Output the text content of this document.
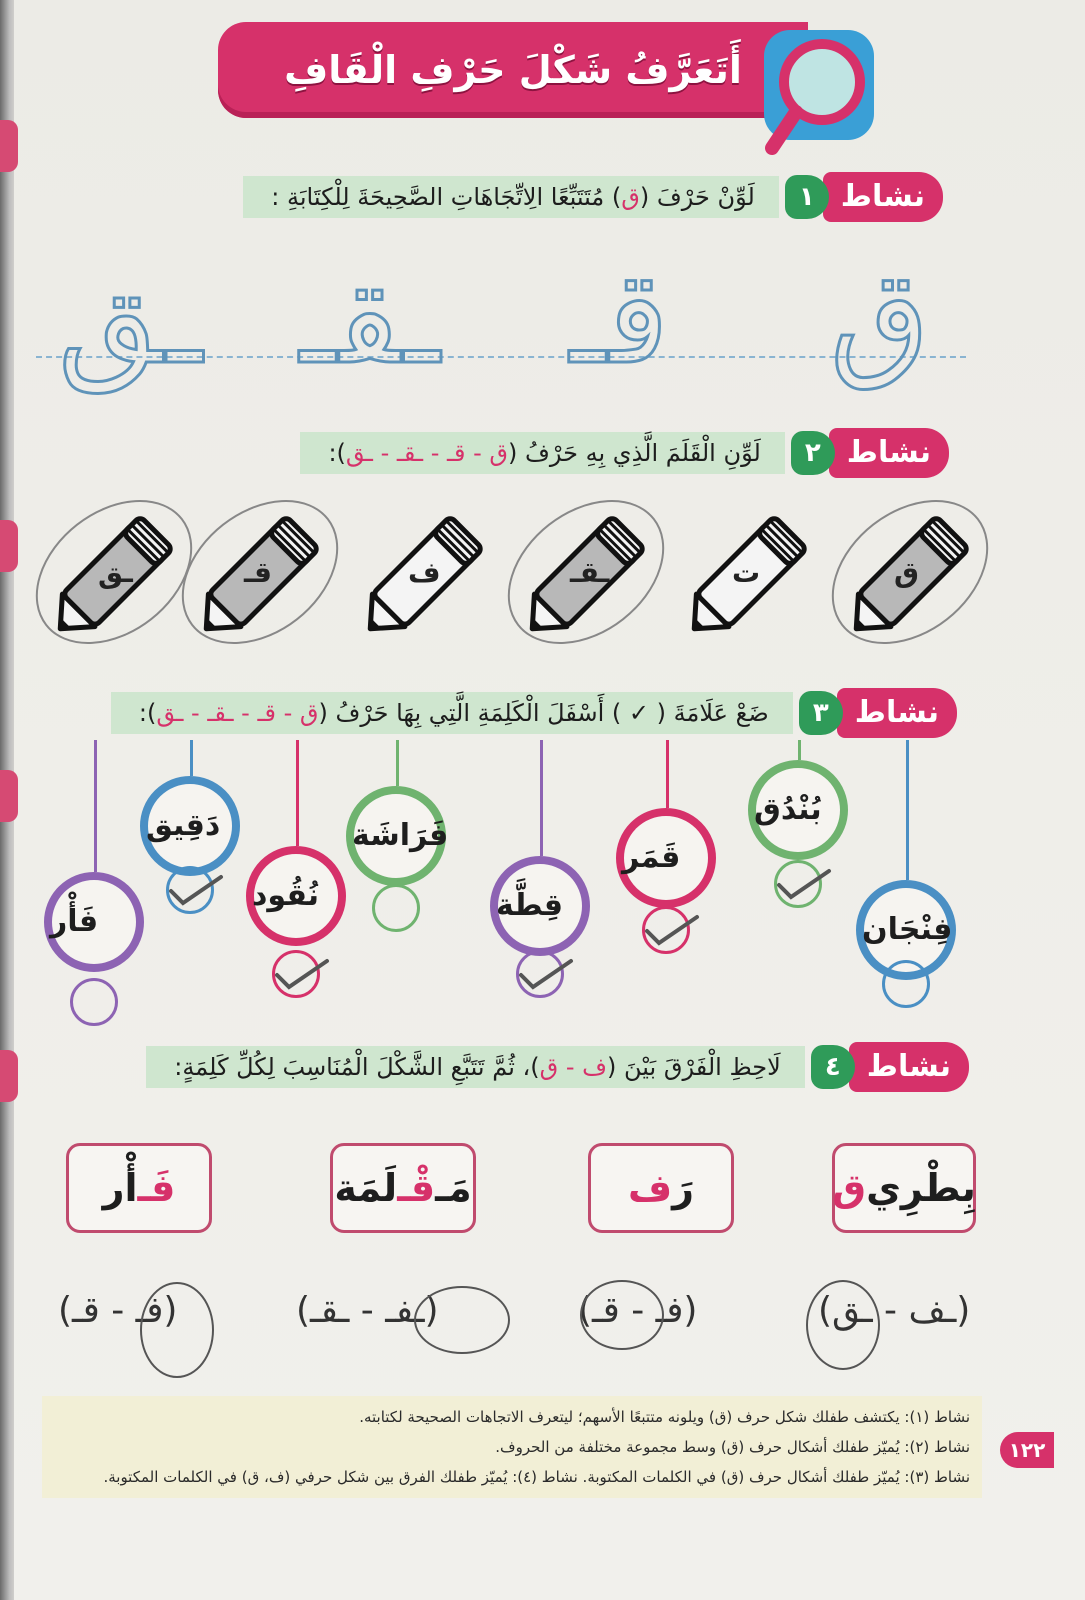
أَتَعَرَّفُ شَكْلَ حَرْفِ الْقَافِ
نشاط
١
لَوِّنْ حَرْفَ (ق) مُتَتَبِّعًا الِاتِّجَاهَاتِ الصَّحِيحَةَ لِلْكِتَابَةِ :
ق
قـ
ـقـ
ـق
نشاط
٢
لَوِّنِ الْقَلَمَ الَّذِي بِهِ حَرْفُ (ق - قـ - ـقـ - ـق):
ق
ت
ـقـ
ف
قـ
ـق
نشاط
٣
ضَعْ عَلَامَةَ ( ✓ ) أَسْفَلَ الْكَلِمَةِ الَّتِي بِهَا حَرْفُ (ق - قـ - ـقـ - ـق):
فِنْجَان
بُنْدُق
قَمَر
قِطَّة
فَرَاشَة
نُقُود
دَقِيق
فَأْر
نشاط
٤
لَاحِظِ الْفَرْقَ بَيْنَ (ف - ق)، ثُمَّ تَتَبَّعِ الشَّكْلَ الْمُنَاسِبَ لِكُلِّ كَلِمَةٍ:
بِطْرِي
ق
رَ
ف
مَـ
قْـ
لَمَة
فَـ
أْر
(ـف - ـق)
(فـ - قـ)
(ـفـ - ـقـ)
(فـ - قـ)
نشاط (١): يكتشف طفلك شكل حرف (ق) ويلونه متتبعًا الأسهم؛ ليتعرف الاتجاهات الصحيحة لكتابته.
نشاط (٢): يُميّز طفلك أشكال حرف (ق) وسط مجموعة مختلفة من الحروف.
نشاط (٣): يُميّز طفلك أشكال حرف (ق) في الكلمات المكتوبة. نشاط (٤): يُميّز طفلك الفرق بين شكل حرفي (ف، ق) في الكلمات المكتوبة.
١٢٢
